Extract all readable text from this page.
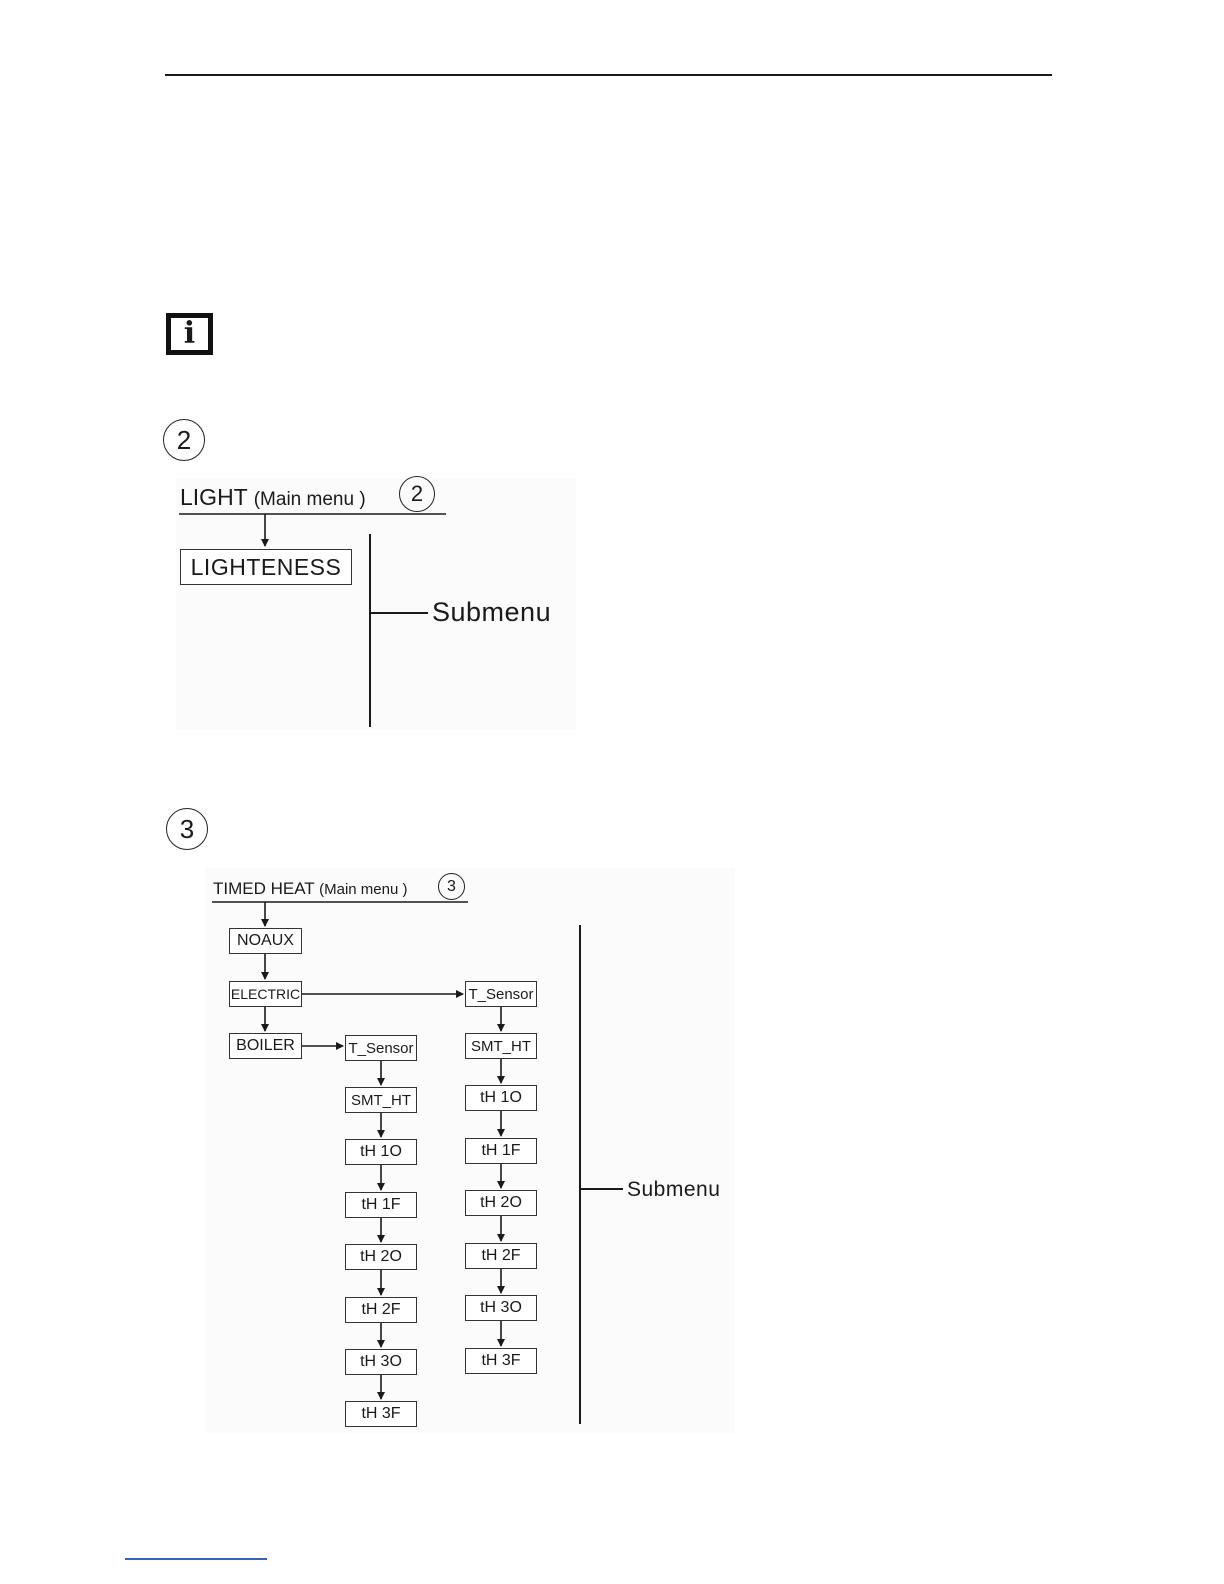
i
2
LIGHT (Main menu ) 2
LIGHTENESS
Submenu
3
TIMED HEAT (Main menu ) 3
NOAUX
ELECTRIC
BOILER	T_Sensor
SMT_HT
tH 1O
tH 1F
tH 2O
tH 2F
tH 3O
tH 3F
T_Sensor
SMT_HT
tH 1O
tH 1F
tH 2O
tH 2F
tH 3O
tH 3F
Submenu
